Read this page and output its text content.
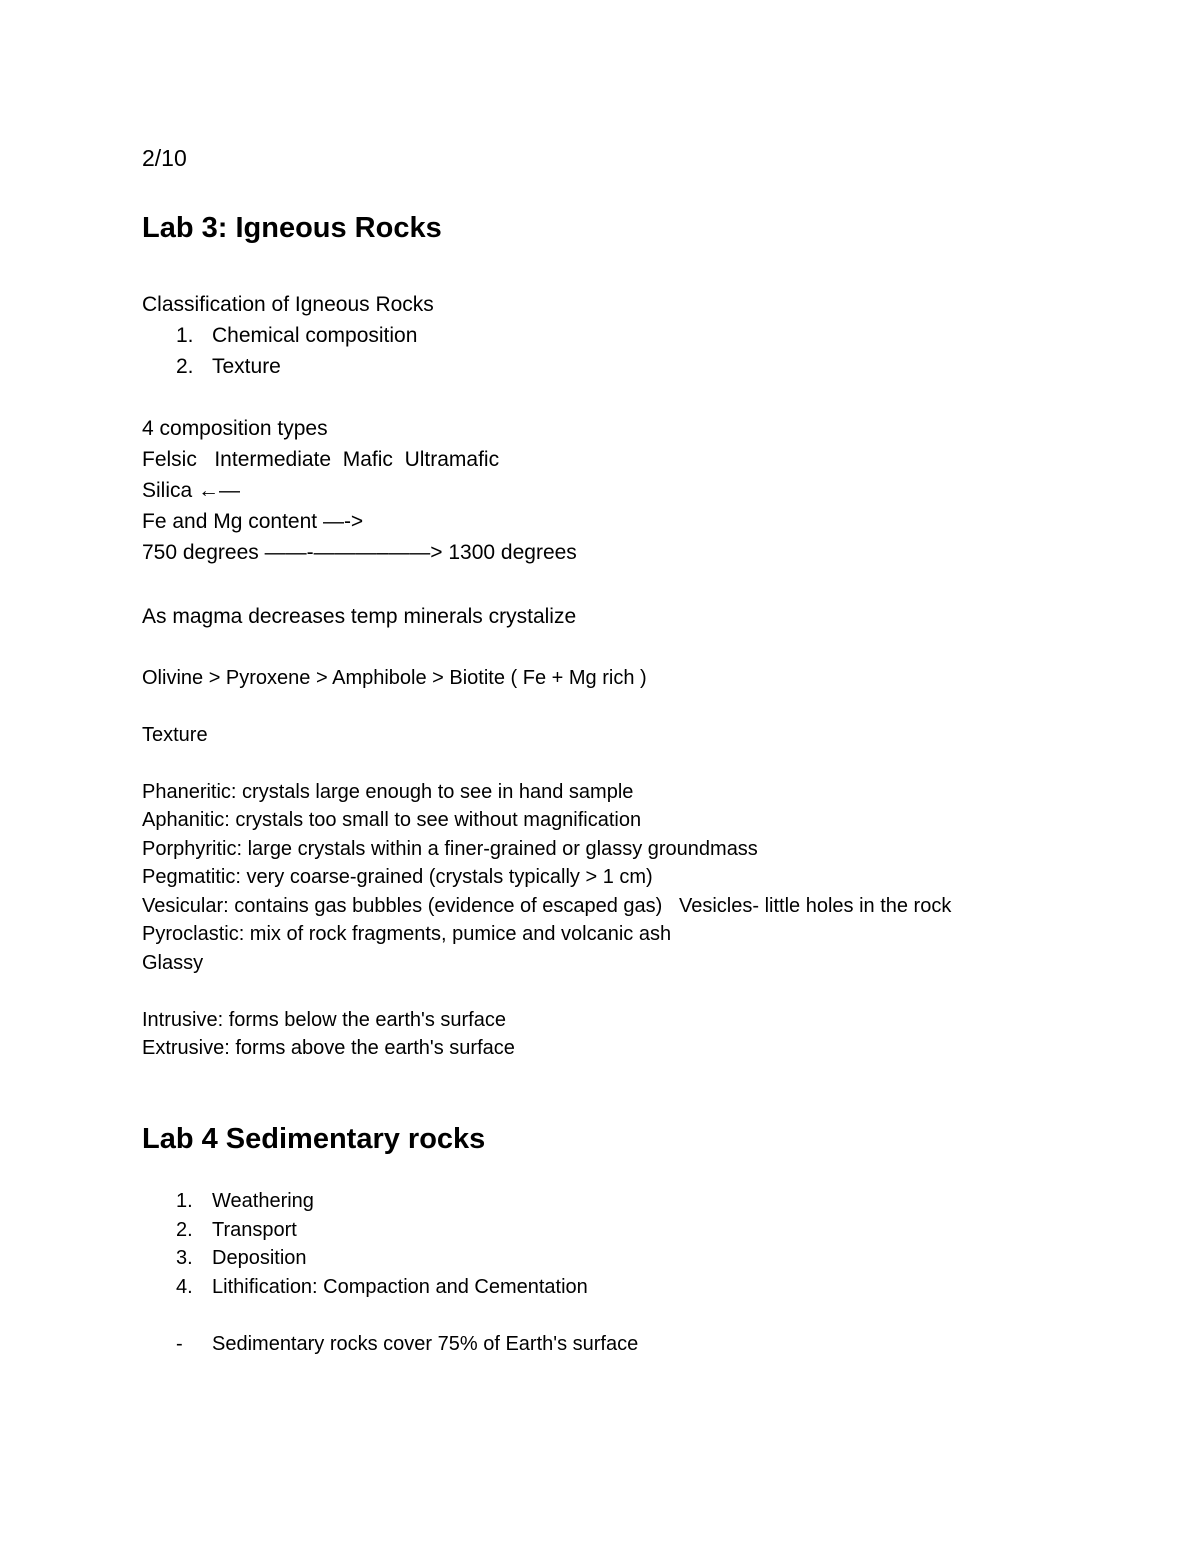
2/10
Lab 3: Igneous Rocks
Classification of Igneous Rocks
1. Chemical composition
2. Texture
4 composition types
Felsic   Intermediate  Mafic  Ultramafic
Silica ←—
Fe and Mg content —->
750 degrees ——-———–——> 1300 degrees
As magma decreases temp minerals crystalize
Olivine > Pyroxene > Amphibole > Biotite ( Fe + Mg rich )
Texture
Phaneritic: crystals large enough to see in hand sample
Aphanitic: crystals too small to see without magnification
Porphyritic: large crystals within a finer-grained or glassy groundmass
Pegmatitic: very coarse-grained (crystals typically > 1 cm)
Vesicular: contains gas bubbles (evidence of escaped gas)   Vesicles- little holes in the rock
Pyroclastic: mix of rock fragments, pumice and volcanic ash
Glassy
Intrusive: forms below the earth's surface
Extrusive: forms above the earth's surface
Lab 4 Sedimentary rocks
1. Weathering
2. Transport
3. Deposition
4. Lithification: Compaction and Cementation
- Sedimentary rocks cover 75% of Earth's surface
